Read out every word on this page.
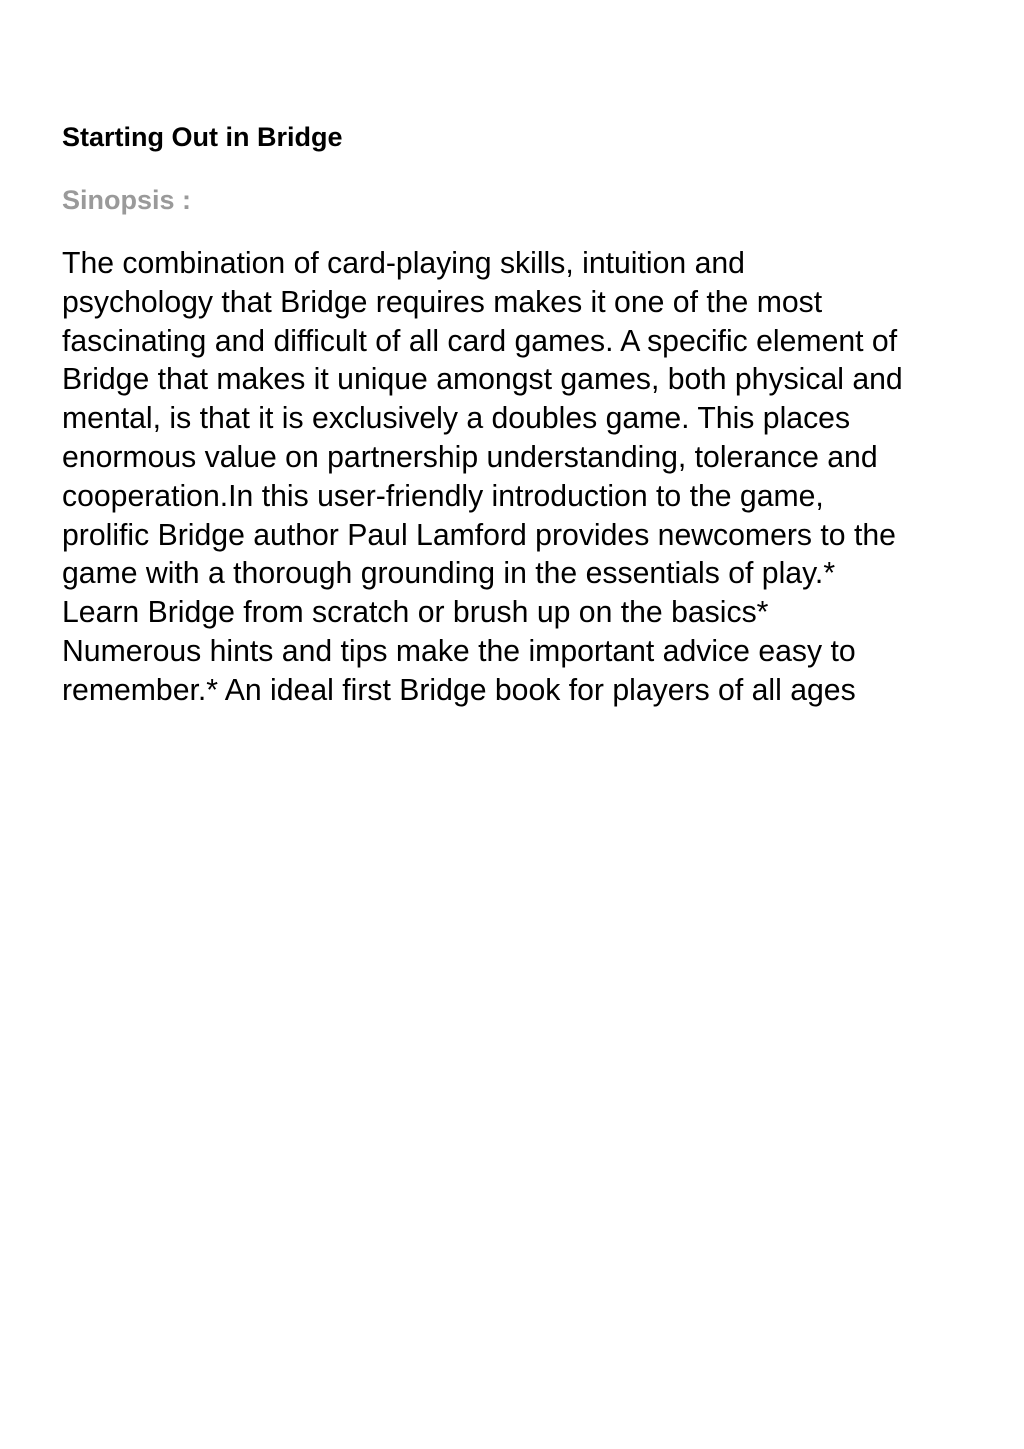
Starting Out in Bridge
Sinopsis :

The combination of card-playing skills, intuition and
psychology that Bridge requires makes it one of the most
fascinating and difficult of all card games. A specific element of
Bridge that makes it unique amongst games, both physical and
mental, is that it is exclusively a doubles game. This places
enormous value on partnership understanding, tolerance and
cooperation.In this user-friendly introduction to the game,
prolific Bridge author Paul Lamford provides newcomers to the
game with a thorough grounding in the essentials of play.*
Learn Bridge from scratch or brush up on the basics*
Numerous hints and tips make the important advice easy to
remember.* An ideal first Bridge book for players of all ages
